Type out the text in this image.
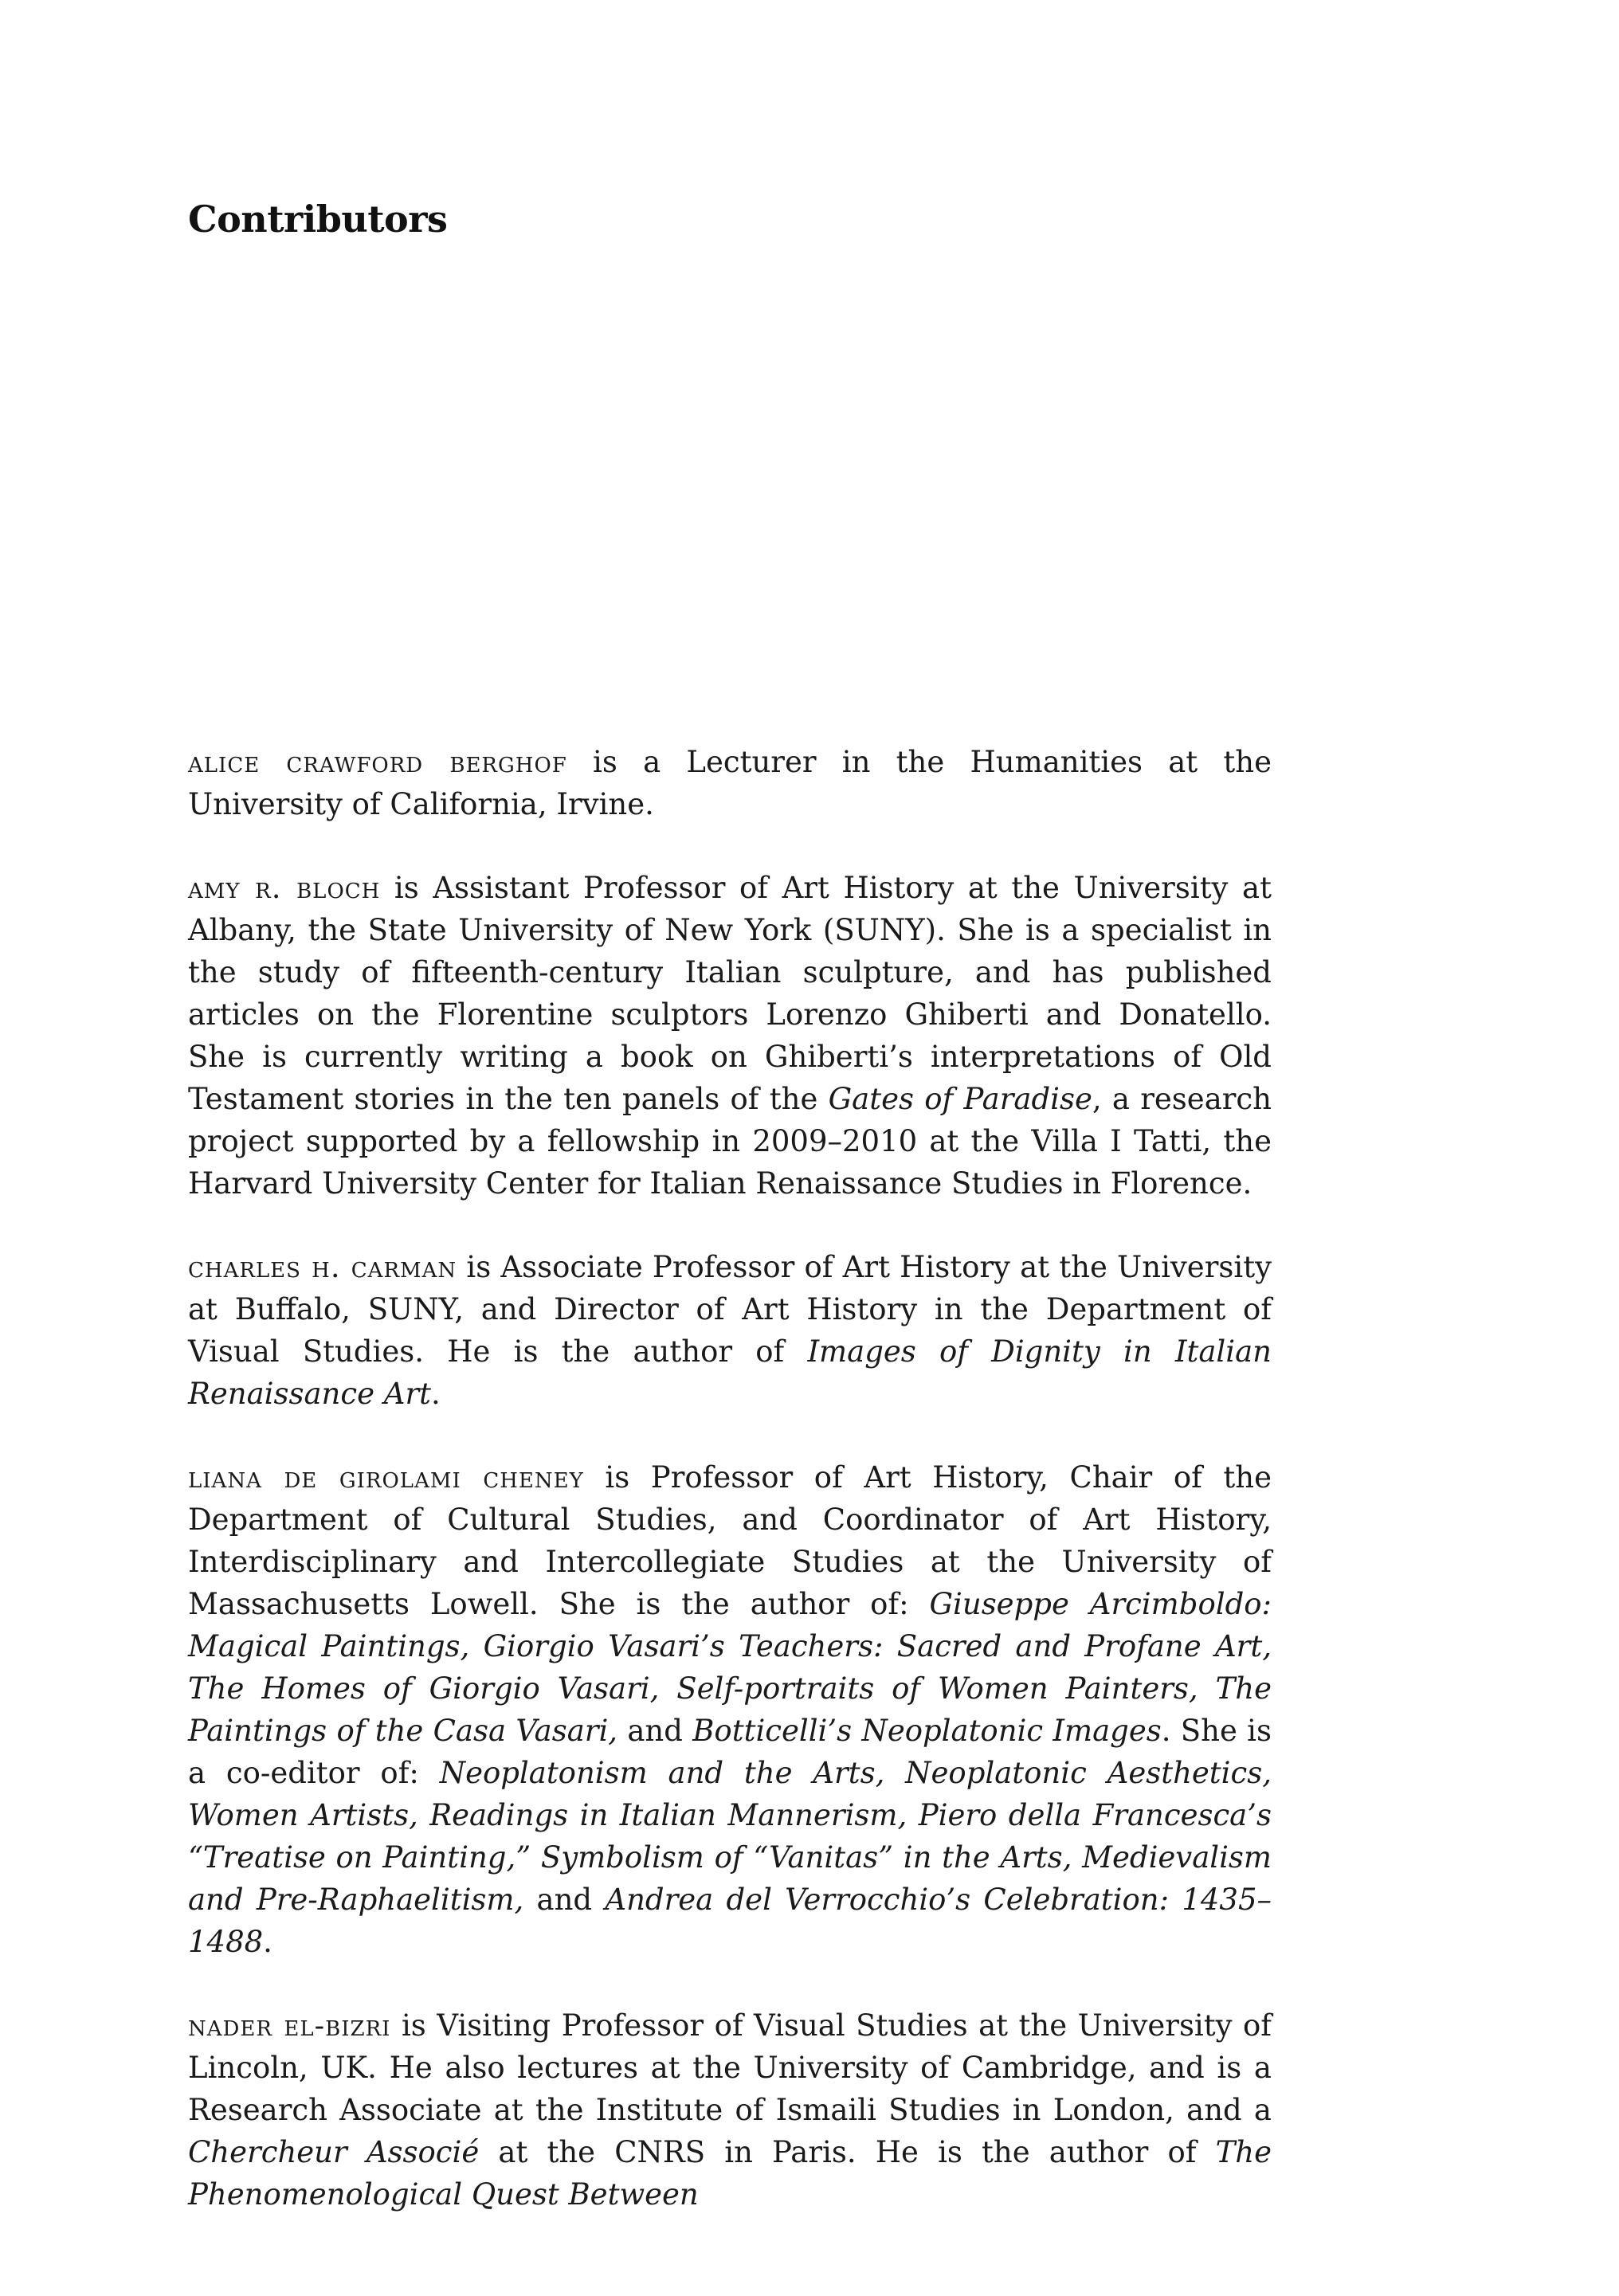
Contributors

alice crawford berghof is a Lecturer in the Humanities at the University of California, Irvine.

amy r. bloch is Assistant Professor of Art History at the University at Albany, the State University of New York (SUNY). She is a specialist in the study of fifteenth-century Italian sculpture, and has published articles on the Florentine sculptors Lorenzo Ghiberti and Donatello. She is currently writing a book on Ghiberti’s interpretations of Old Testament stories in the ten panels of the Gates of Paradise, a research project supported by a fellowship in 2009–2010 at the Villa I Tatti, the Harvard University Center for Italian Renaissance Studies in Florence.

charles h. carman is Associate Professor of Art History at the University at Buffalo, SUNY, and Director of Art History in the Department of Visual Studies. He is the author of Images of Dignity in Italian Renaissance Art.

liana de girolami cheney is Professor of Art History, Chair of the Department of Cultural Studies, and Coordinator of Art History, Interdisciplinary and Intercollegiate Studies at the University of Massachusetts Lowell. She is the author of: Giuseppe Arcimboldo: Magical Paintings, Giorgio Vasari’s Teachers: Sacred and Profane Art, The Homes of Giorgio Vasari, Self-portraits of Women Painters, The Paintings of the Casa Vasari, and Botticelli’s Neoplatonic Images. She is a co-editor of: Neoplatonism and the Arts, Neoplatonic Aesthetics, Women Artists, Readings in Italian Mannerism, Piero della Francesca’s “Treatise on Painting,” Symbolism of “Vanitas” in the Arts, Medievalism and Pre-Raphaelitism, and Andrea del Verrocchio’s Celebration: 1435–1488.

nader el-bizri is Visiting Professor of Visual Studies at the University of Lincoln, UK. He also lectures at the University of Cambridge, and is a Research Associate at the Institute of Ismaili Studies in London, and a Chercheur Associé at the CNRS in Paris. He is the author of The Phenomenological Quest Between
